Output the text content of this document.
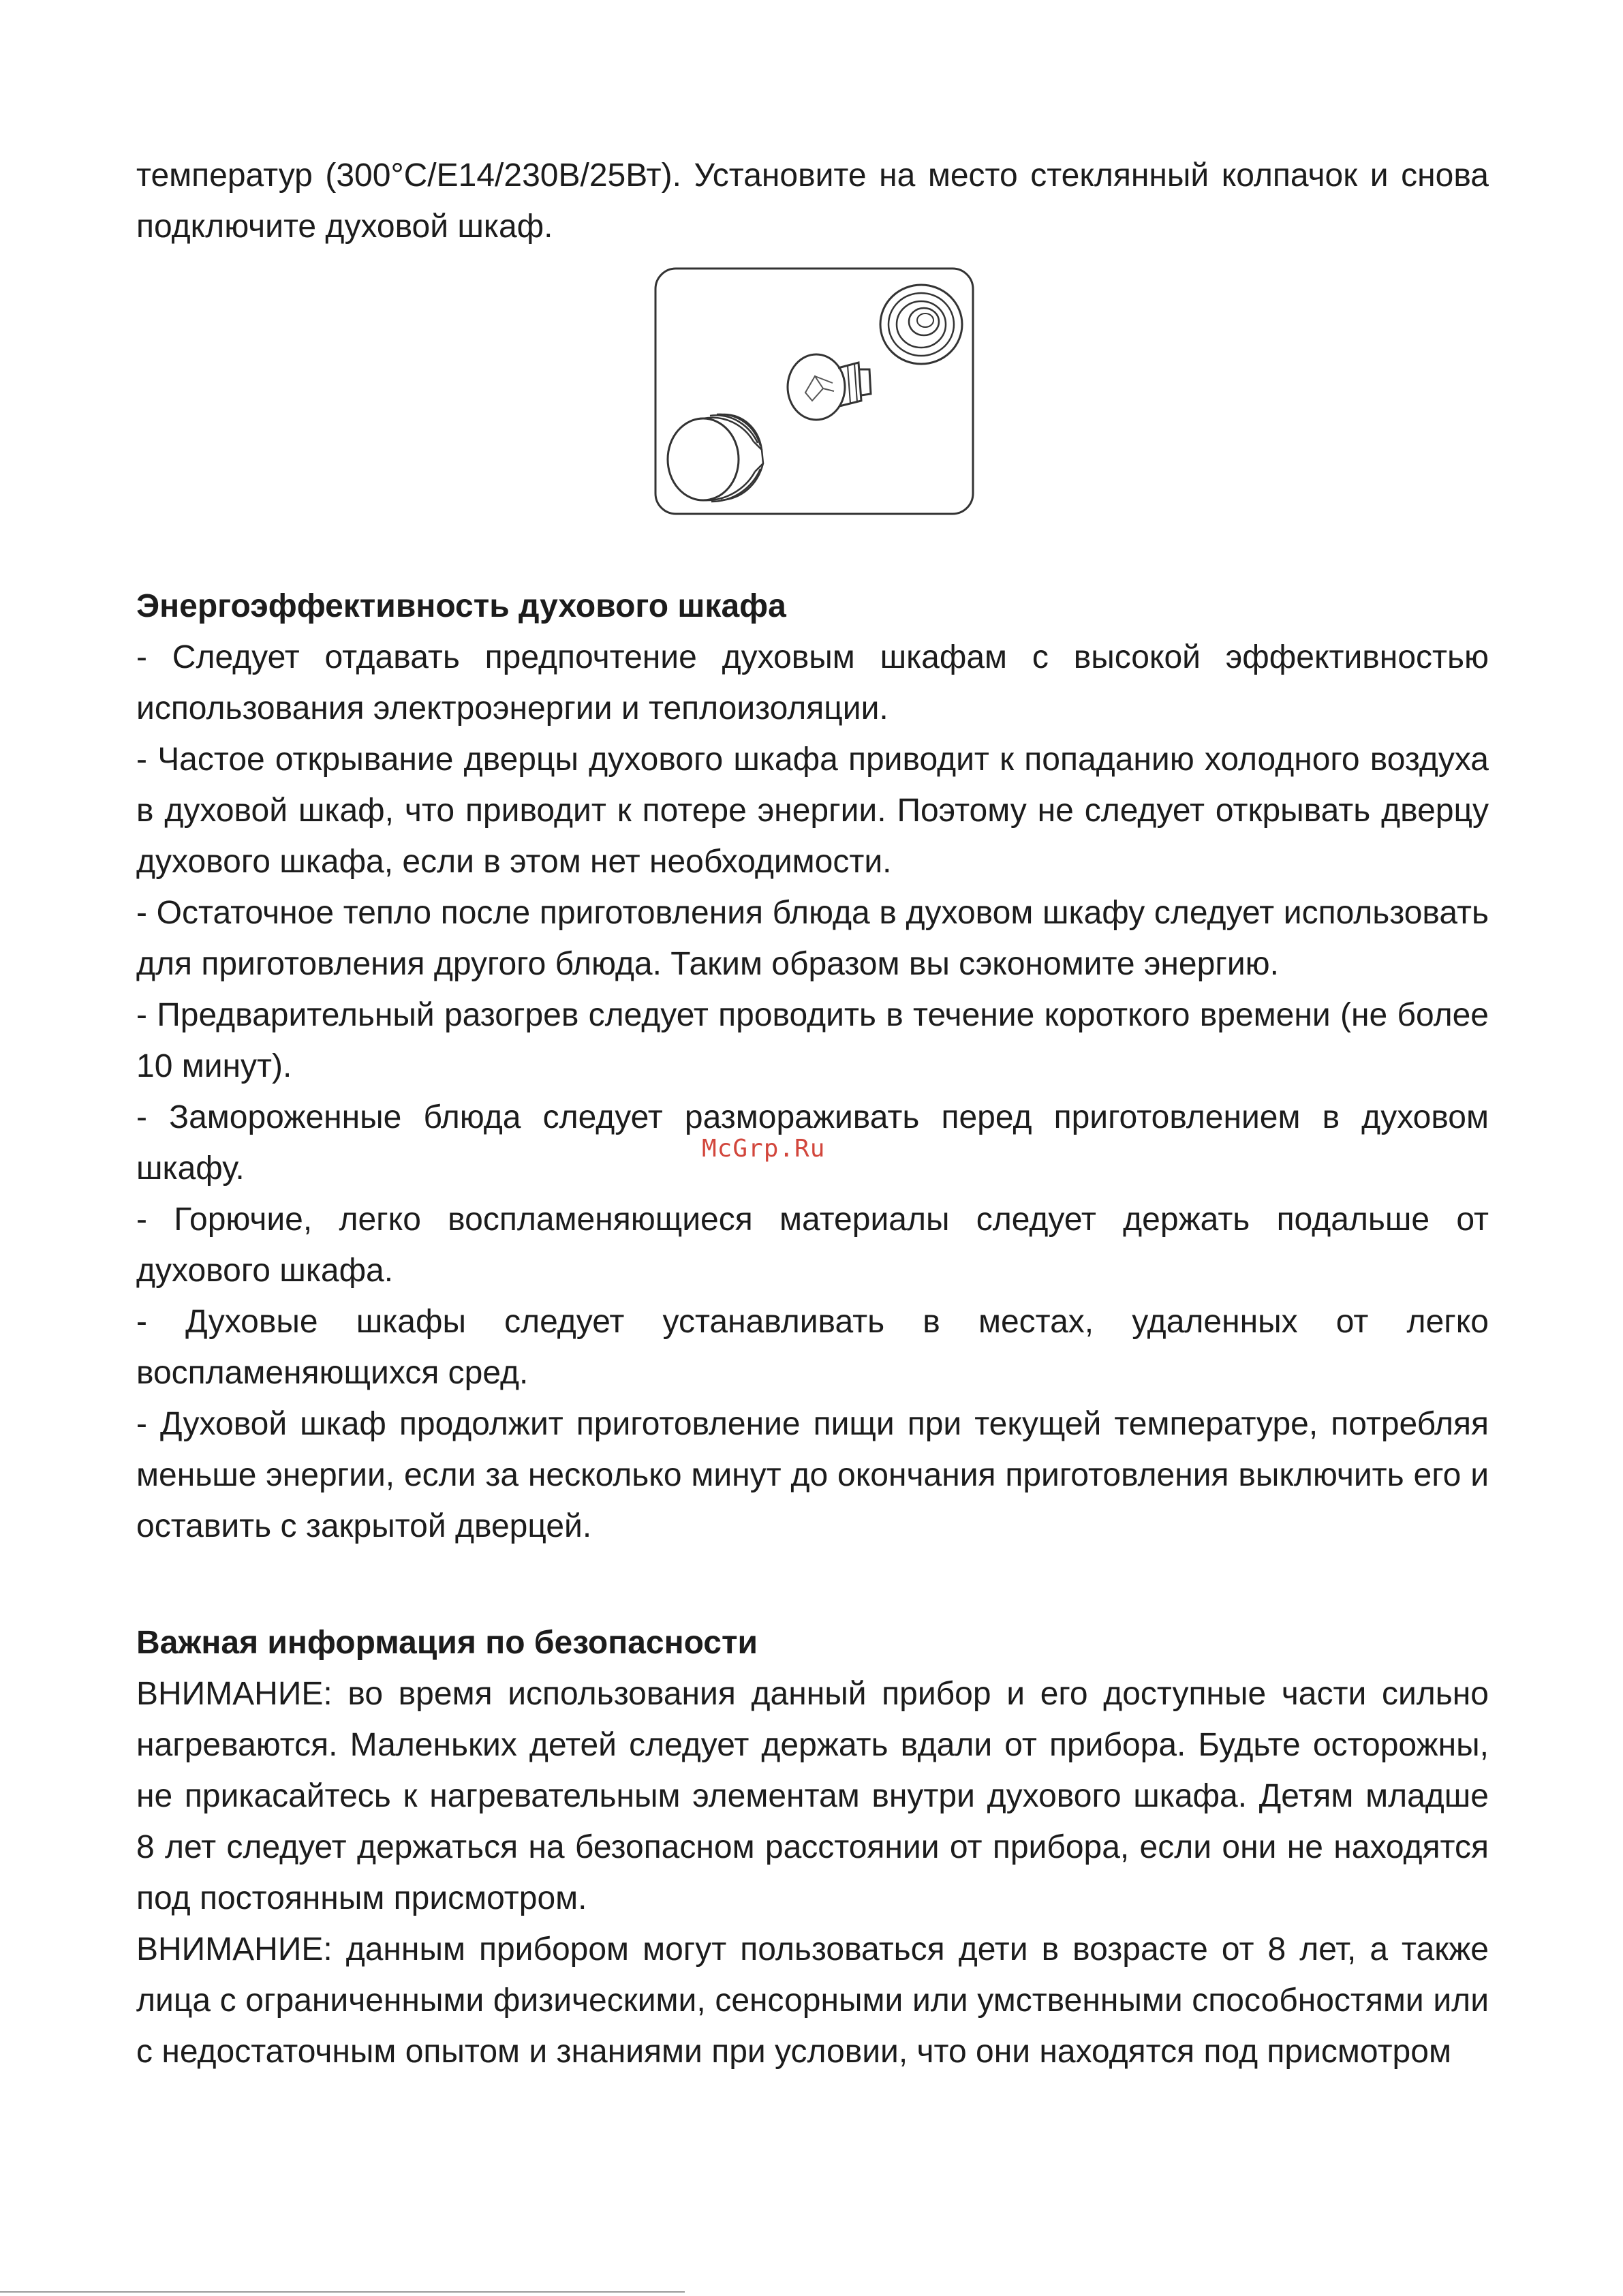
температур (300°С/Е14/230В/25Вт). Установите на место стеклянный колпачок и снова подключите духовой шкаф.

Энергоэффективность духового шкафа

- Следует отдавать предпочтение духовым шкафам с высокой эффективностью использования электроэнергии и теплоизоляции.

- Частое открывание дверцы духового шкафа приводит к попаданию холодного воздуха в духовой шкаф, что приводит к потере энергии. Поэтому не следует открывать дверцу духового шкафа, если в этом нет необходимости.

- Остаточное тепло после приготовления блюда в духовом шкафу следует использовать для приготовления другого блюда. Таким образом вы сэкономите энергию.

- Предварительный разогрев следует проводить в течение короткого времени (не более 10 минут).

- Замороженные блюда следует размораживать перед приготовлением в духовом шкафу.

- Горючие, легко воспламеняющиеся материалы следует держать подальше от духового шкафа.

- Духовые шкафы следует устанавливать в местах, удаленных от легко воспламеняющихся сред.

- Духовой шкаф продолжит приготовление пищи при текущей температуре, потребляя меньше энергии, если за несколько минут до окончания приготовления выключить его и оставить с закрытой дверцей.

Важная информация по безопасности

ВНИМАНИЕ: во время использования данный прибор и его доступные части сильно нагреваются. Маленьких детей следует держать вдали от прибора. Будьте осторожны, не прикасайтесь к нагревательным элементам внутри духового шкафа. Детям младше 8 лет следует держаться на безопасном расстоянии от прибора, если они не находятся под постоянным присмотром.

ВНИМАНИЕ: данным прибором могут пользоваться дети в возрасте от 8 лет, а также лица с ограниченными физическими, сенсорными или умственными способностями или с недостаточным опытом и знаниями при условии, что они находятся под присмотром

McGrp.Ru
